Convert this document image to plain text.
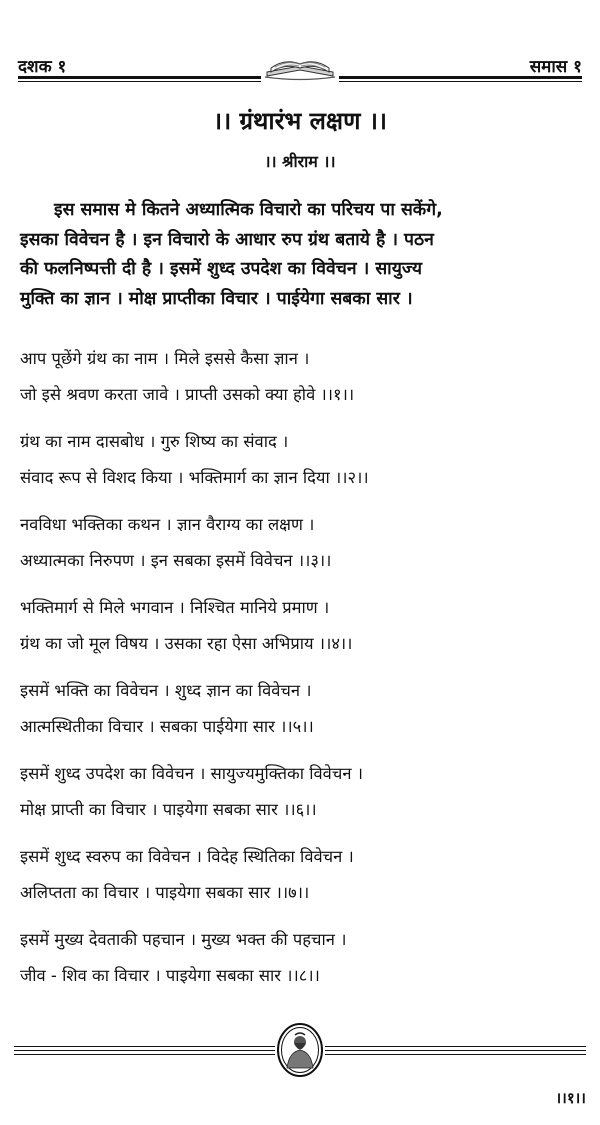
दशक १	समास १
।। ग्रंथारंभ लक्षण ।।
।। श्रीराम ।।
इस समास मे कितने अध्यात्मिक विचारो का परिचय पा सकेंगे,
इसका विवेचन है । इन विचारो के आधार रुप ग्रंथ बताये है । पठन
की फलनिष्पत्ती दी है । इसमें शुध्द उपदेश का विवेचन । सायुज्य
मुक्ति का ज्ञान । मोक्ष प्राप्तीका विचार । पाईयेगा सबका सार ।
आप पूछेंगे ग्रंथ का नाम । मिले इससे कैसा ज्ञान ।
जो इसे श्रवण करता जावे । प्राप्ती उसको क्या होवे ।।१।।
ग्रंथ का नाम दासबोध । गुरु शिष्य का संवाद ।
संवाद रूप से विशद किया । भक्तिमार्ग का ज्ञान दिया ।।२।।
नवविधा भक्तिका कथन । ज्ञान वैराग्य का लक्षण ।
अध्यात्मका निरुपण । इन सबका इसमें विवेचन ।।३।।
भक्तिमार्ग से मिले भगवान । निश्चित मानिये प्रमाण ।
ग्रंथ का जो मूल विषय । उसका रहा ऐसा अभिप्राय ।।४।।
इसमें भक्ति का विवेचन । शुध्द ज्ञान का विवेचन ।
आत्मस्थितीका विचार । सबका पाईयेगा सार ।।५।।
इसमें शुध्द उपदेश का विवेचन । सायुज्यमुक्तिका विवेचन ।
मोक्ष प्राप्ती का विचार । पाइयेगा सबका सार ।।६।।
इसमें शुध्द स्वरुप का विवेचन । विदेह स्थितिका विवेचन ।
अलिप्तता का विचार । पाइयेगा सबका सार ।।७।।
इसमें मुख्य देवताकी पहचान । मुख्य भक्त की पहचान ।
जीव - शिव का विचार । पाइयेगा सबका सार ।।८।।
।।१।।
